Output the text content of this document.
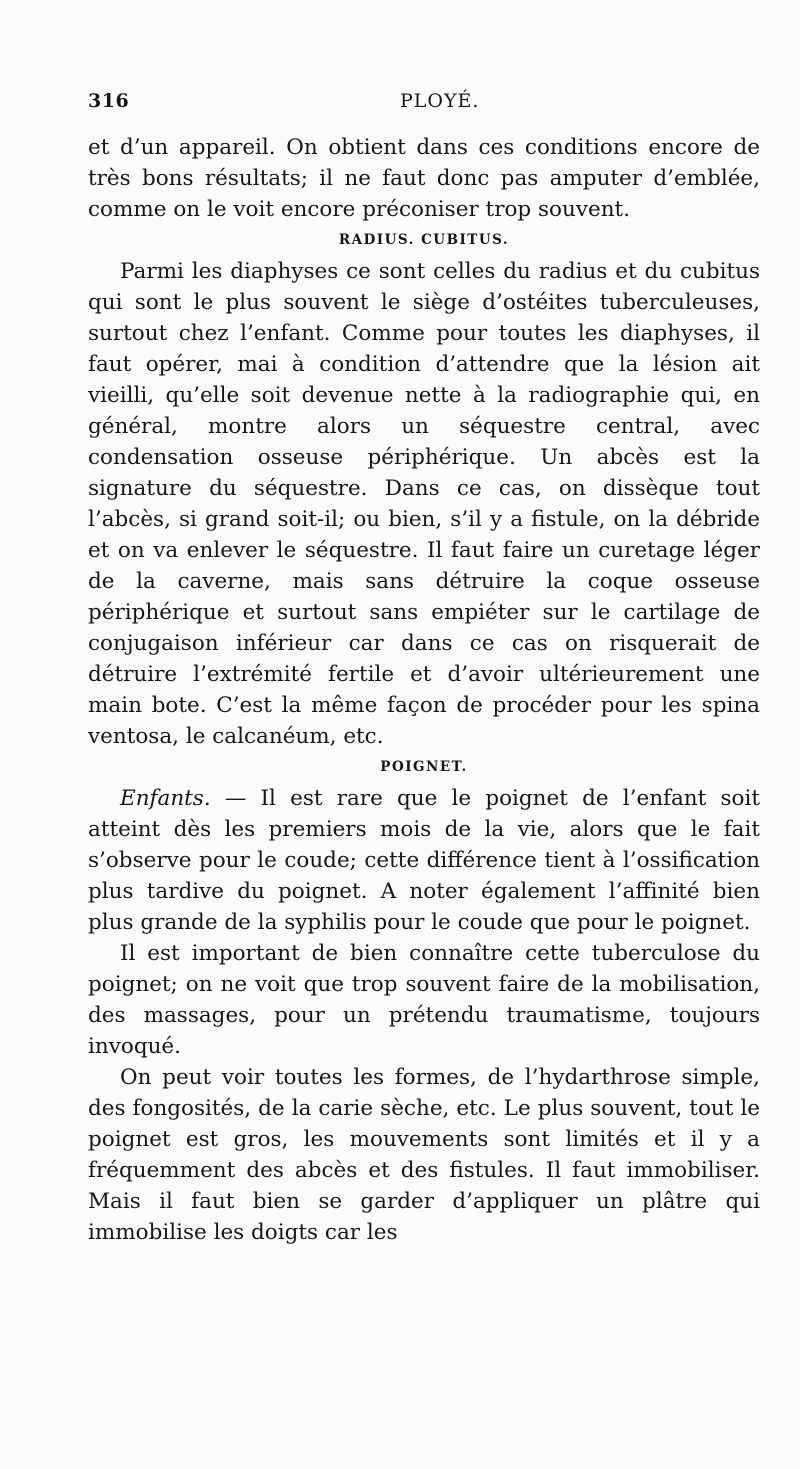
316	PLOYÉ.

et d’un appareil. On obtient dans ces conditions encore de très bons résultats; il ne faut donc pas amputer d’emblée, comme on le voit encore préconiser trop souvent.

RADIUS. CUBITUS.

Parmi les diaphyses ce sont celles du radius et du cubitus qui sont le plus souvent le siège d’ostéites tuberculeuses, surtout chez l’enfant. Comme pour toutes les diaphyses, il faut opérer, mai à condition d’attendre que la lésion ait vieilli, qu’elle soit devenue nette à la radiographie qui, en général, montre alors un séquestre central, avec condensation osseuse périphérique. Un abcès est la signature du séquestre. Dans ce cas, on dissèque tout l’abcès, si grand soit-il; ou bien, s’il y a fistule, on la débride et on va enlever le séquestre. Il faut faire un curetage léger de la caverne, mais sans détruire la coque osseuse périphérique et surtout sans empiéter sur le cartilage de conjugaison inférieur car dans ce cas on risquerait de détruire l’extrémité fertile et d’avoir ultérieurement une main bote. C’est la même façon de procéder pour les spina ventosa, le calcanéum, etc.

POIGNET.

Enfants. — Il est rare que le poignet de l’enfant soit atteint dès les premiers mois de la vie, alors que le fait s’observe pour le coude; cette différence tient à l’ossification plus tardive du poignet. A noter également l’affinité bien plus grande de la syphilis pour le coude que pour le poignet.

Il est important de bien connaître cette tuberculose du poignet; on ne voit que trop souvent faire de la mobilisation, des massages, pour un prétendu traumatisme, toujours invoqué.

On peut voir toutes les formes, de l’hydarthrose simple, des fongosités, de la carie sèche, etc. Le plus souvent, tout le poignet est gros, les mouvements sont limités et il y a fréquemment des abcès et des fistules. Il faut immobiliser. Mais il faut bien se garder d’appliquer un plâtre qui immobilise les doigts car les
